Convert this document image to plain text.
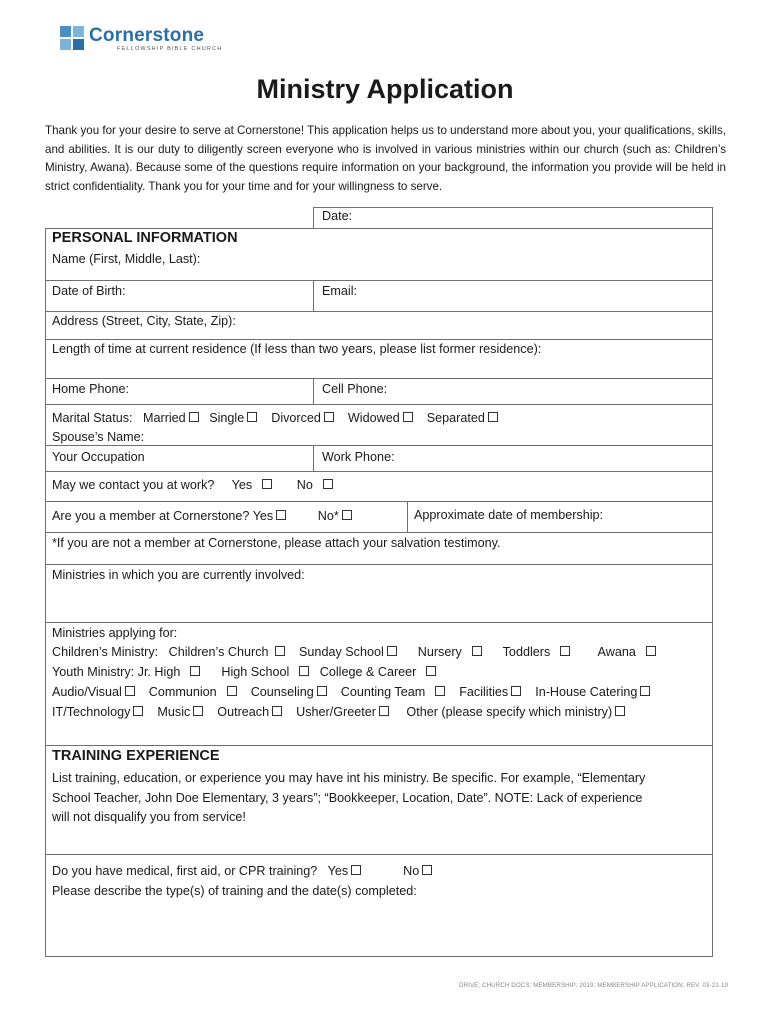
Cornerstone
FELLOWSHIP BIBLE CHURCH
Ministry Application
Thank you for your desire to serve at Cornerstone! This application helps us to understand more about you, your qualifications, skills, and abilities. It is our duty to diligently screen everyone who is involved in various ministries within our church (such as: Children’s Ministry, Awana). Because some of the questions require information on your background, the information you provide will be held in strict confidentiality. Thank you for your time and for your willingness to serve.
Date:
PERSONAL INFORMATION
Name (First, Middle, Last):
Date of Birth:	Email:
Address (Street, City, State, Zip):
Length of time at current residence (If less than two years, please list former residence):
Home Phone:	Cell Phone:
Marital Status: Married Single Divorced Widowed Separated
Spouse’s Name:
Your Occupation	Work Phone:
May we contact you at work? Yes	No
Are you a member at Cornerstone? Yes	No*	Approximate date of membership:
*If you are not a member at Cornerstone, please attach your salvation testimony.
Ministries in which you are currently involved:
Ministries applying for:
Children’s Ministry: Children’s Church Sunday School	Nursery	Toddlers	Awana
Youth Ministry: Jr. High	High School College & Career
Audio/Visual Communion	Counseling Counting Team	Facilities In-House Catering
IT/Technology Music Outreach Usher/Greeter Other (please specify which ministry)
TRAINING EXPERIENCE
List training, education, or experience you may have int his ministry. Be specific. For example, “Elementary
School Teacher, John Doe Elementary, 3 years”; “Bookkeeper, Location, Date”. NOTE: Lack of experience
will not disqualify you from service!
Do you have medical, first aid, or CPR training? Yes	No
Please describe the type(s) of training and the date(s) completed:
DRIVE; CHURCH DOCS; MEMBERSHIP; 2019; MEMBERSHIP APPLICATION; REV. 03-21-19
